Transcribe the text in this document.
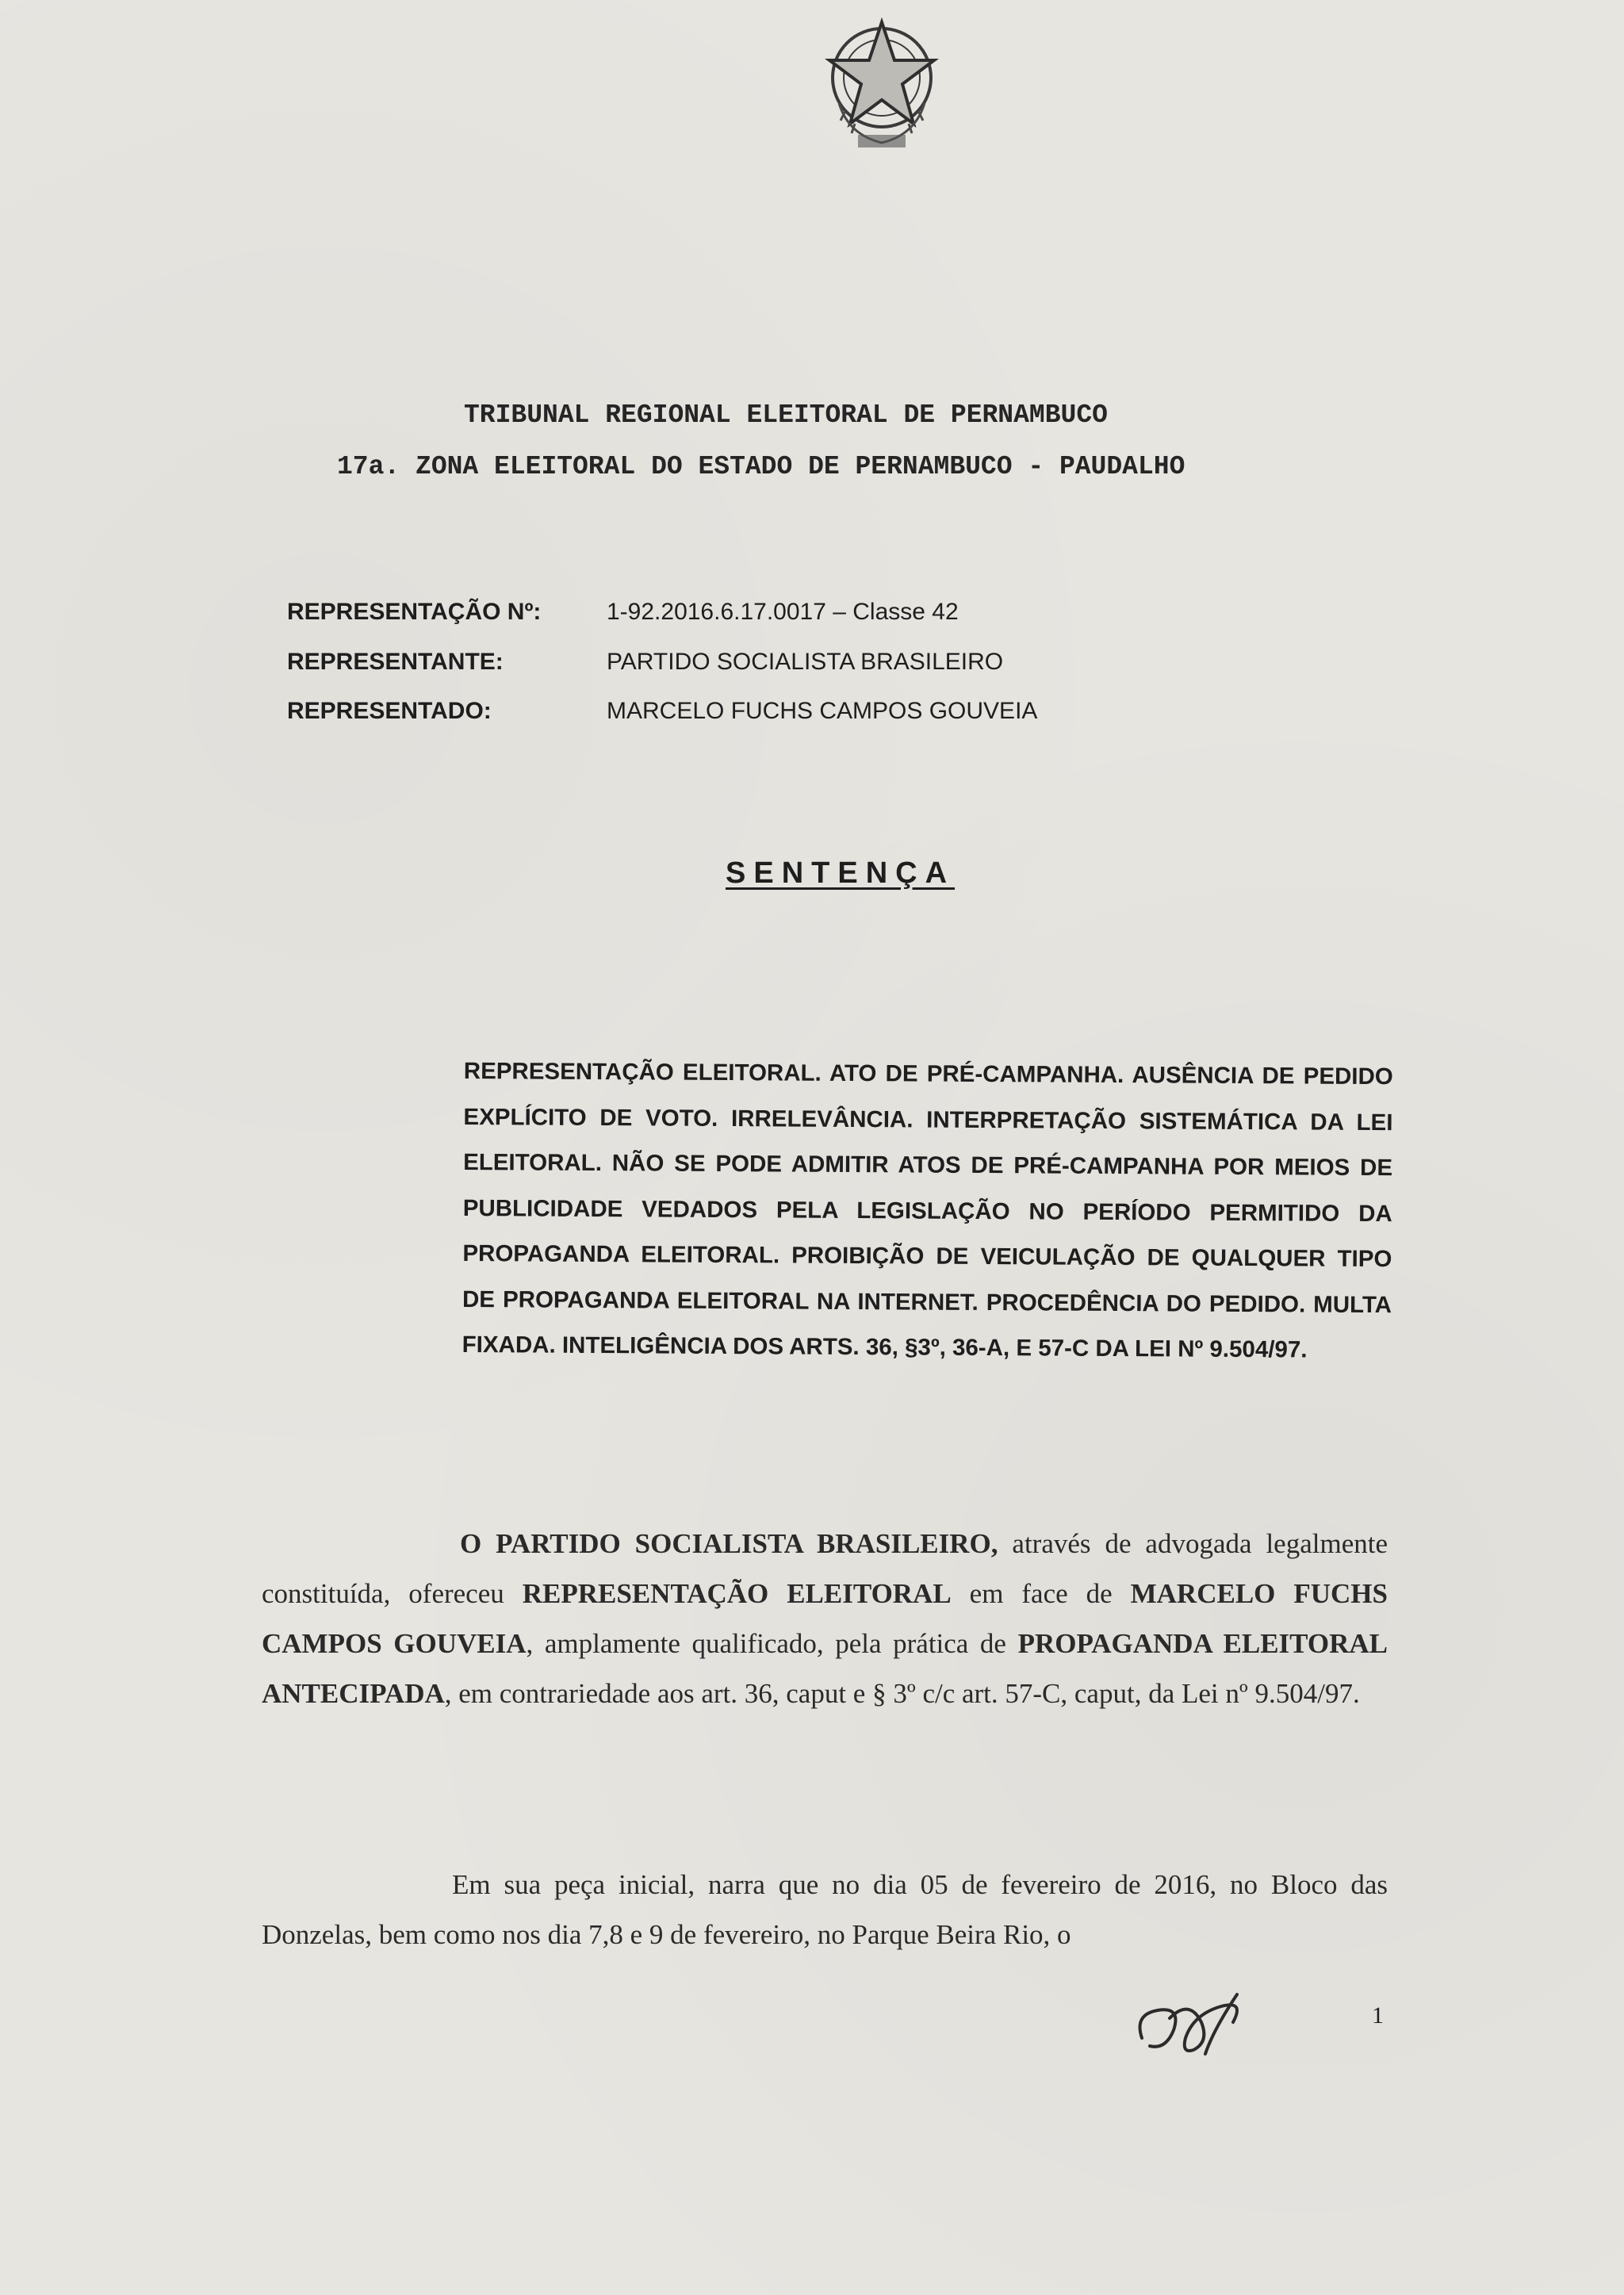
TRIBUNAL REGIONAL ELEITORAL DE PERNAMBUCO
17a. ZONA ELEITORAL DO ESTADO DE PERNAMBUCO - PAUDALHO
REPRESENTAÇÃO Nº:	1-92.2016.6.17.0017 – Classe 42
REPRESENTANTE:	PARTIDO SOCIALISTA BRASILEIRO
REPRESENTADO:	MARCELO FUCHS CAMPOS GOUVEIA
SENTENÇA
REPRESENTAÇÃO ELEITORAL. ATO DE PRÉ-CAMPANHA. AUSÊNCIA DE PEDIDO EXPLÍCITO DE VOTO. IRRELEVÂNCIA. INTERPRETAÇÃO SISTEMÁTICA DA LEI ELEITORAL. NÃO SE PODE ADMITIR ATOS DE PRÉ-CAMPANHA POR MEIOS DE PUBLICIDADE VEDADOS PELA LEGISLAÇÃO NO PERÍODO PERMITIDO DA PROPAGANDA ELEITORAL. PROIBIÇÃO DE VEICULAÇÃO DE QUALQUER TIPO DE PROPAGANDA ELEITORAL NA INTERNET. PROCEDÊNCIA DO PEDIDO. MULTA FIXADA. INTELIGÊNCIA DOS ARTS. 36, §3º, 36-A, E 57-C DA LEI Nº 9.504/97.
O PARTIDO SOCIALISTA BRASILEIRO, através de advogada legalmente constituída, ofereceu REPRESENTAÇÃO ELEITORAL em face de MARCELO FUCHS CAMPOS GOUVEIA, amplamente qualificado, pela prática de PROPAGANDA ELEITORAL ANTECIPADA, em contrariedade aos art. 36, caput e § 3º c/c art. 57-C, caput, da Lei nº 9.504/97.
Em sua peça inicial, narra que no dia 05 de fevereiro de 2016, no Bloco das Donzelas, bem como nos dia 7,8 e 9 de fevereiro, no Parque Beira Rio, o
1
